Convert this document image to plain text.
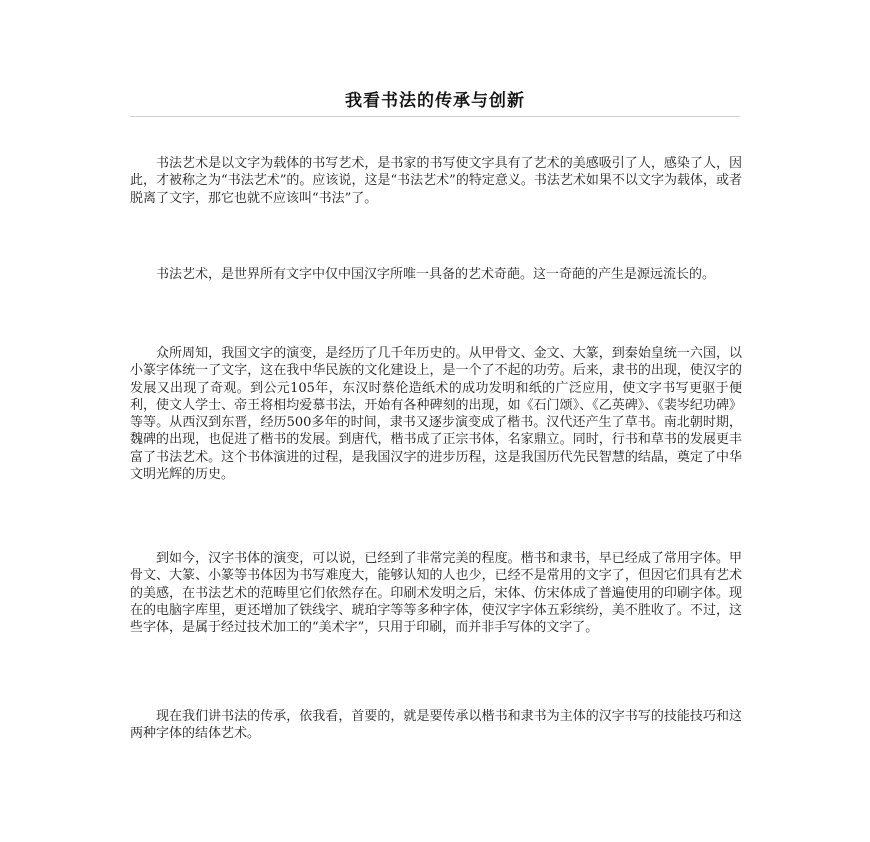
我看书法的传承与创新

书法艺术是以文字为载体的书写艺术，是书家的书写使文字具有了艺术的美感吸引了人，感染了人，因此，才被称之为“书法艺术”的。应该说，这是“书法艺术”的特定意义。书法艺术如果不以文字为载体，或者脱离了文字，那它也就不应该叫“书法”了。

书法艺术，是世界所有文字中仅中国汉字所唯一具备的艺术奇葩。这一奇葩的产生是源远流长的。

众所周知，我国文字的演变，是经历了几千年历史的。从甲骨文、金文、大篆，到秦始皇统一六国，以小篆字体统一了文字，这在我中华民族的文化建设上，是一个了不起的功劳。后来，隶书的出现，使汉字的发展又出现了奇观。到公元105年，东汉时蔡伦造纸术的成功发明和纸的广泛应用，使文字书写更驱于便利，使文人学士、帝王将相均爱慕书法，开始有各种碑刻的出现，如《石门颂》、《乙英碑》、《裴岑纪功碑》等等。从西汉到东晋，经历500多年的时间，隶书又逐步演变成了楷书。汉代还产生了草书。南北朝时期，魏碑的出现，也促进了楷书的发展。到唐代，楷书成了正宗书体，名家鼎立。同时，行书和草书的发展更丰富了书法艺术。这个书体演进的过程，是我国汉字的进步历程，这是我国历代先民智慧的结晶，奠定了中华文明光辉的历史。

到如今，汉字书体的演变，可以说，已经到了非常完美的程度。楷书和隶书，早已经成了常用字体。甲骨文、大篆、小篆等书体因为书写难度大，能够认知的人也少，已经不是常用的文字了，但因它们具有艺术的美感，在书法艺术的范畴里它们依然存在。印刷术发明之后，宋体、仿宋体成了普遍使用的印刷字体。现在的电脑字库里，更还增加了铁线字、琥珀字等等多种字体，使汉字字体五彩缤纷，美不胜收了。不过，这些字体，是属于经过技术加工的“美术字”，只用于印刷，而并非手写体的文字了。

现在我们讲书法的传承，依我看，首要的，就是要传承以楷书和隶书为主体的汉字书写的技能技巧和这两种字体的结体艺术。
